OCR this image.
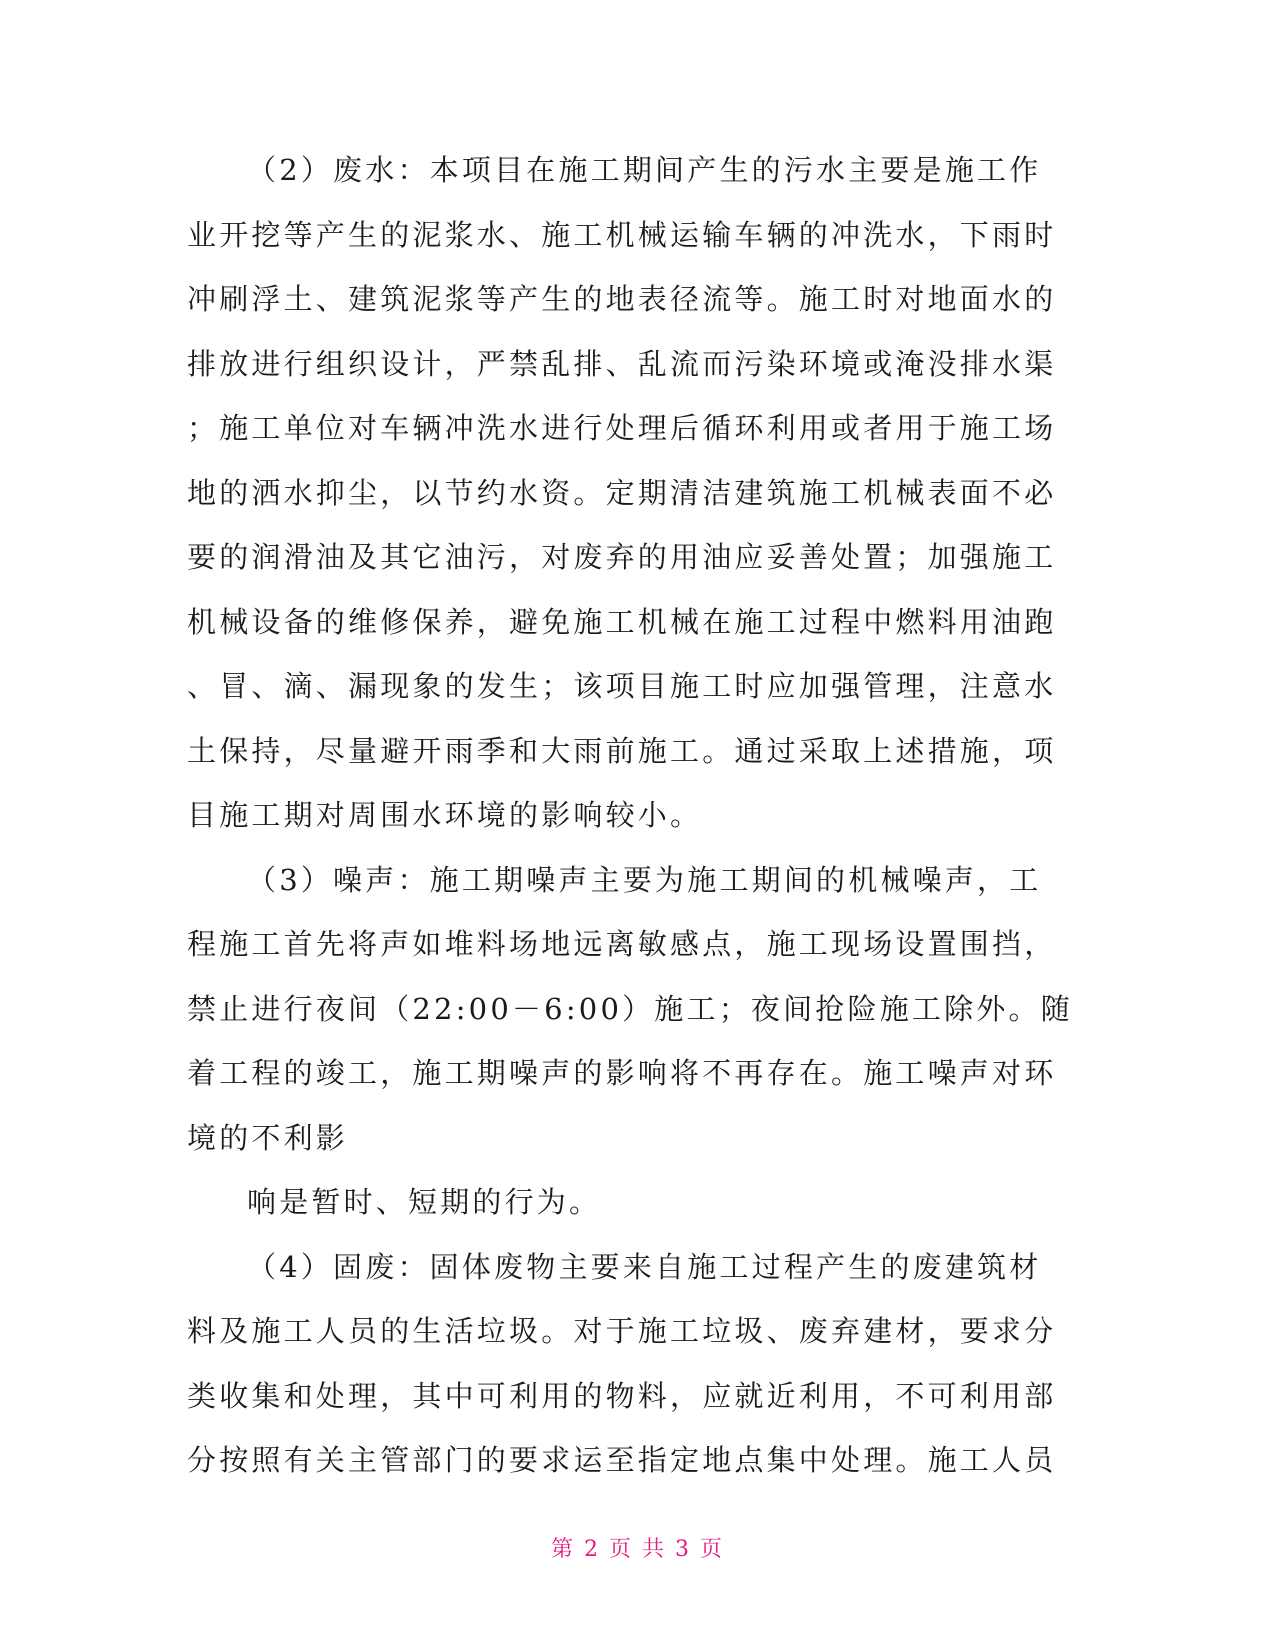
（2）废水：本项目在施工期间产生的污水主要是施工作
业开挖等产生的泥浆水、施工机械运输车辆的冲洗水，下雨时
冲刷浮土、建筑泥浆等产生的地表径流等。施工时对地面水的
排放进行组织设计，严禁乱排、乱流而污染环境或淹没排水渠
；施工单位对车辆冲洗水进行处理后循环利用或者用于施工场
地的洒水抑尘，以节约水资。定期清洁建筑施工机械表面不必
要的润滑油及其它油污，对废弃的用油应妥善处置；加强施工
机械设备的维修保养，避免施工机械在施工过程中燃料用油跑
、冒、滴、漏现象的发生；该项目施工时应加强管理，注意水
土保持，尽量避开雨季和大雨前施工。通过采取上述措施，项
目施工期对周围水环境的影响较小。
（3）噪声：施工期噪声主要为施工期间的机械噪声，工
程施工首先将声如堆料场地远离敏感点，施工现场设置围挡，
禁止进行夜间（22:00－6:00）施工；夜间抢险施工除外。随
着工程的竣工，施工期噪声的影响将不再存在。施工噪声对环
境的不利影
响是暂时、短期的行为。
（4）固废：固体废物主要来自施工过程产生的废建筑材
料及施工人员的生活垃圾。对于施工垃圾、废弃建材，要求分
类收集和处理，其中可利用的物料，应就近利用，不可利用部
分按照有关主管部门的要求运至指定地点集中处理。施工人员
第 2 页 共 3 页
